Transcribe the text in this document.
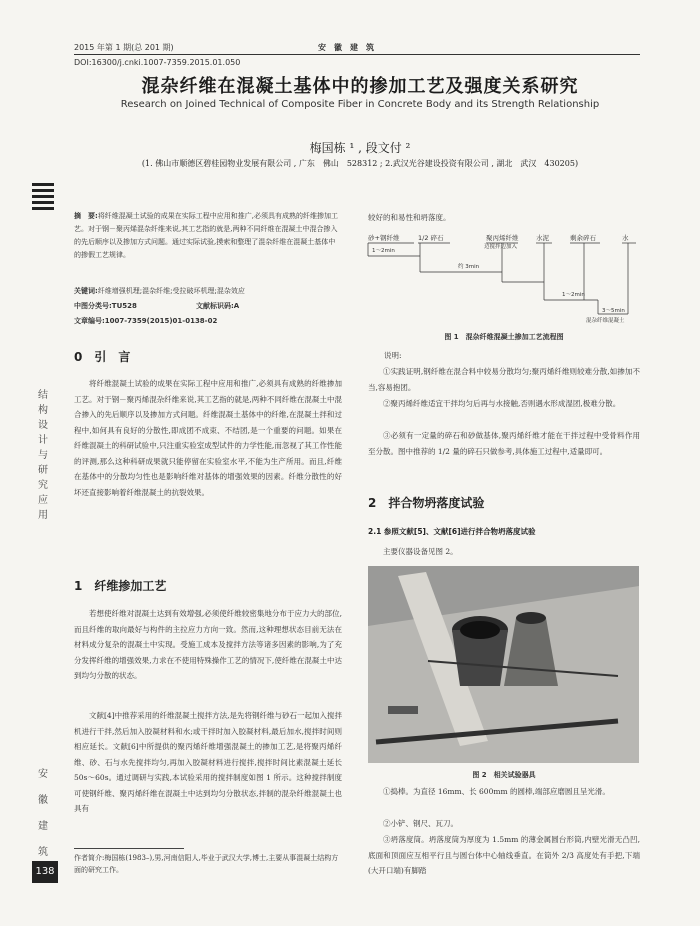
2015 年第 1 期(总 201 期)	安　徽　建　筑
DOI:16300/j.cnki.1007-7359.2015.01.050
混杂纤维在混凝土基体中的掺加工艺及强度关系研究
Research on Joined Technical of Composite Fiber in Concrete Body and its Strength Relationship
梅国栋 ¹ , 段文付 ²
(1. 佛山市顺德区碧桂园物业发展有限公司 , 广东　佛山　528312 ; 2.武汉光谷建设投资有限公司 , 湖北　武汉　430205)
结构设计与研究应用
安徽建筑
摘　要:将纤维混凝土试验的成果在实际工程中应用和推广,必须具有成熟的纤维掺加工艺。对于钢－聚丙烯混杂纤维来说,其工艺指的就是,两种不同纤维在混凝土中混合掺入的先后顺序以及掺加方式问题。通过实际试验,摸索和整理了混杂纤维在混凝土基体中的掺假工艺规律。
关键词:纤维增强机理;混杂纤维;受拉破坏机理;混杂效应
中图分类号:TU528	文献标识码:A
文章编号:1007-7359(2015)01-0138-02
0　引　言
将纤维混凝土试验的成果在实际工程中应用和推广,必须具有成熟的纤维掺加工艺。对于钢－聚丙烯混杂纤维来说,其工艺指的就是,两种不同纤维在混凝土中混合掺入的先后顺序以及掺加方式问题。纤维混凝土基体中的纤维,在混凝土拌和过程中,如何具有良好的分散性,即成团不成束、不结团,是一个重要的问题。如果在纤维混凝土的科研试验中,只注重实验室成型试件的力学性能,而忽视了其工作性能的评测,那么这种科研成果就只能停留在实验室水平,不能为生产所用。而且,纤维在基体中的分散均匀性也是影响纤维对基体的增强效果的因素。纤维分散性的好坏还直接影响着纤维混凝土的抗裂效果。
1　纤维掺加工艺
若想使纤维对混凝土达到有效增强,必须使纤维较密集地分布于应力大的部位,而且纤维的取向最好与构件的主拉应力方向一致。然而,这种理想状态目前无法在材料成分复杂的混凝土中实现。受施工成本及搅拌方法等诸多因素的影响,为了充分发挥纤维的增强效果,力求在不使用特殊操作工艺的情况下,使纤维在混凝土中达到均匀分散的状态。
文献[4]中推荐采用的纤维混凝土搅拌方法,是先将钢纤维与砂石一起加入搅拌机进行干拌,然后加入胶凝材料和水;或干拌时加入胶凝材料,最后加水,搅拌时间则相应延长。文献[6]中所提供的聚丙烯纤维增强混凝土的掺加工艺,是将聚丙烯纤维、砂、石与水先搅拌均匀,再加入胶凝材料进行搅拌,搅拌时间比素混凝土延长 50s～60s。通过调研与实践,本试验采用的搅拌制度如图 1 所示。这种搅拌制度可使钢纤维、聚丙烯纤维在混凝土中达到均匀分散状态,拌制的混杂纤维混凝土也具有
作者简介:梅国栋(1983–),男,河南信阳人,毕业于武汉大学,博士,主要从事混凝土结构方面的研究工作。
138
较好的和易性和坍落度。
砂+钢纤维	1/2 碎石	聚丙烯纤维
边搅拌边加入
水泥	剩余碎石	水
1～2min
约 3min
1～2min
3～5min
混杂纤维混凝土
图 1　混杂纤维混凝土掺加工艺流程图
说明:
①实践证明,钢纤维在混合料中较易分散均匀;聚丙烯纤维则较难分散,如掺加不当,容易抱团。
②聚丙烯纤维适宜干拌均匀后再与水接触,否则遇水形成湿团,极难分散。
③必须有一定量的碎石和砂做基体,聚丙烯纤维才能在干拌过程中受骨料作用至分散。图中推荐的 1/2 量的碎石只做参考,具体施工过程中,适量即可。
2　拌合物坍落度试验
2.1 参照文献[5]、文献[6]进行拌合物坍落度试验
主要仪器设备见图 2。
图 2　相关试验器具
①捣棒。为直径 16mm、长 600mm 的圆棒,端部应磨圆且呈光滑。
②小铲、钢尺、瓦刀。
③坍落度筒。坍落度筒为厚度为 1.5mm 的薄金属圆台形筒,内壁光滑无凸凹,底面和顶面应互相平行且与圆台体中心轴线垂直。在筒外 2/3 高度处有手把,下端(大开口端)有脚踏
